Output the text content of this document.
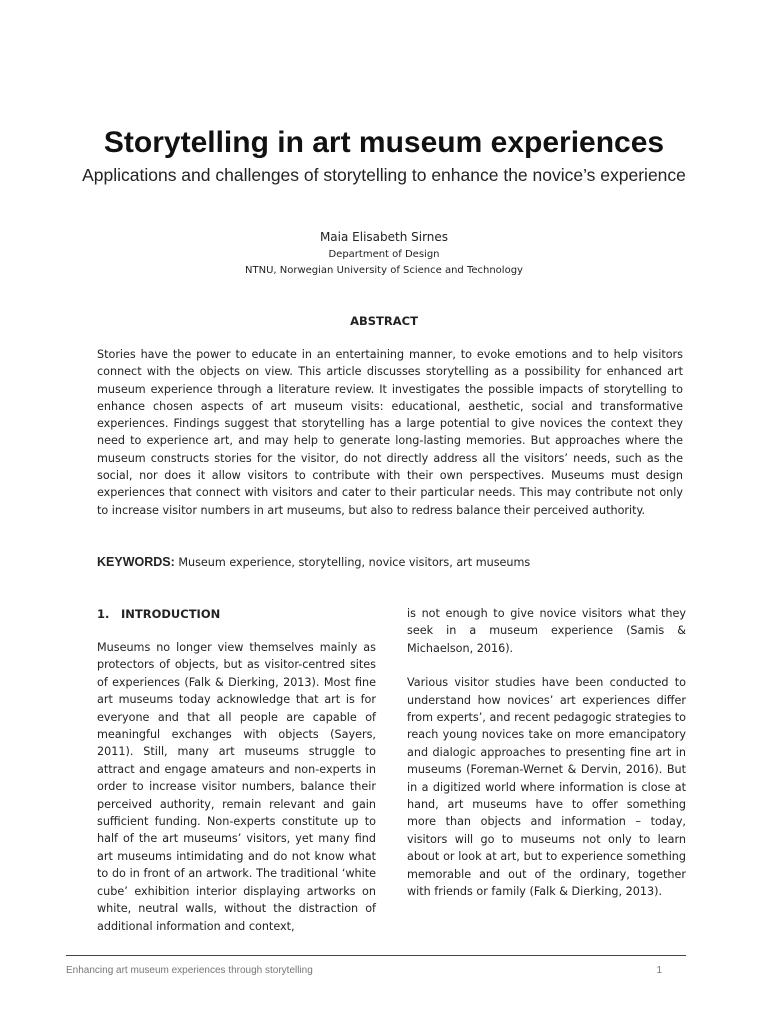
Storytelling in art museum experiences
Applications and challenges of storytelling to enhance the novice’s experience
Maia Elisabeth Sirnes
Department of Design
NTNU, Norwegian University of Science and Technology
ABSTRACT

Stories have the power to educate in an entertaining manner, to evoke emotions and to help visitors connect with the objects on view. This article discusses storytelling as a possibility for enhanced art museum experience through a literature review. It investigates the possible impacts of storytelling to enhance chosen aspects of art museum visits: educational, aesthetic, social and transformative experiences. Findings suggest that storytelling has a large potential to give novices the context they need to experience art, and may help to generate long-lasting memories. But approaches where the museum constructs stories for the visitor, do not directly address all the visitors’ needs, such as the social, nor does it allow visitors to contribute with their own perspectives. Museums must design experiences that connect with visitors and cater to their particular needs. This may contribute not only to increase visitor numbers in art museums, but also to redress balance their perceived authority.

KEYWORDS: Museum experience, storytelling, novice visitors, art museums
1. INTRODUCTION

Museums no longer view themselves mainly as protectors of objects, but as visitor-centred sites of experiences (Falk & Dierking, 2013). Most fine art museums today acknowledge that art is for everyone and that all people are capable of meaningful exchanges with objects (Sayers, 2011). Still, many art museums struggle to attract and engage amateurs and non-experts in order to increase visitor numbers, balance their perceived authority, remain relevant and gain sufficient funding. Non-experts constitute up to half of the art museums’ visitors, yet many find art museums intimidating and do not know what to do in front of an artwork. The traditional ‘white cube’ exhibition interior displaying artworks on white, neutral walls, without the distraction of additional information and context,

is not enough to give novice visitors what they seek in a museum experience (Samis & Michaelson, 2016).

Various visitor studies have been conducted to understand how novices’ art experiences differ from experts’, and recent pedagogic strategies to reach young novices take on more emancipatory and dialogic approaches to presenting fine art in museums (Foreman-Wernet & Dervin, 2016). But in a digitized world where information is close at hand, art museums have to offer something more than objects and information – today, visitors will go to museums not only to learn about or look at art, but to experience something memorable and out of the ordinary, together with friends or family (Falk & Dierking, 2013).

Enhancing art museum experiences through storytelling	1
